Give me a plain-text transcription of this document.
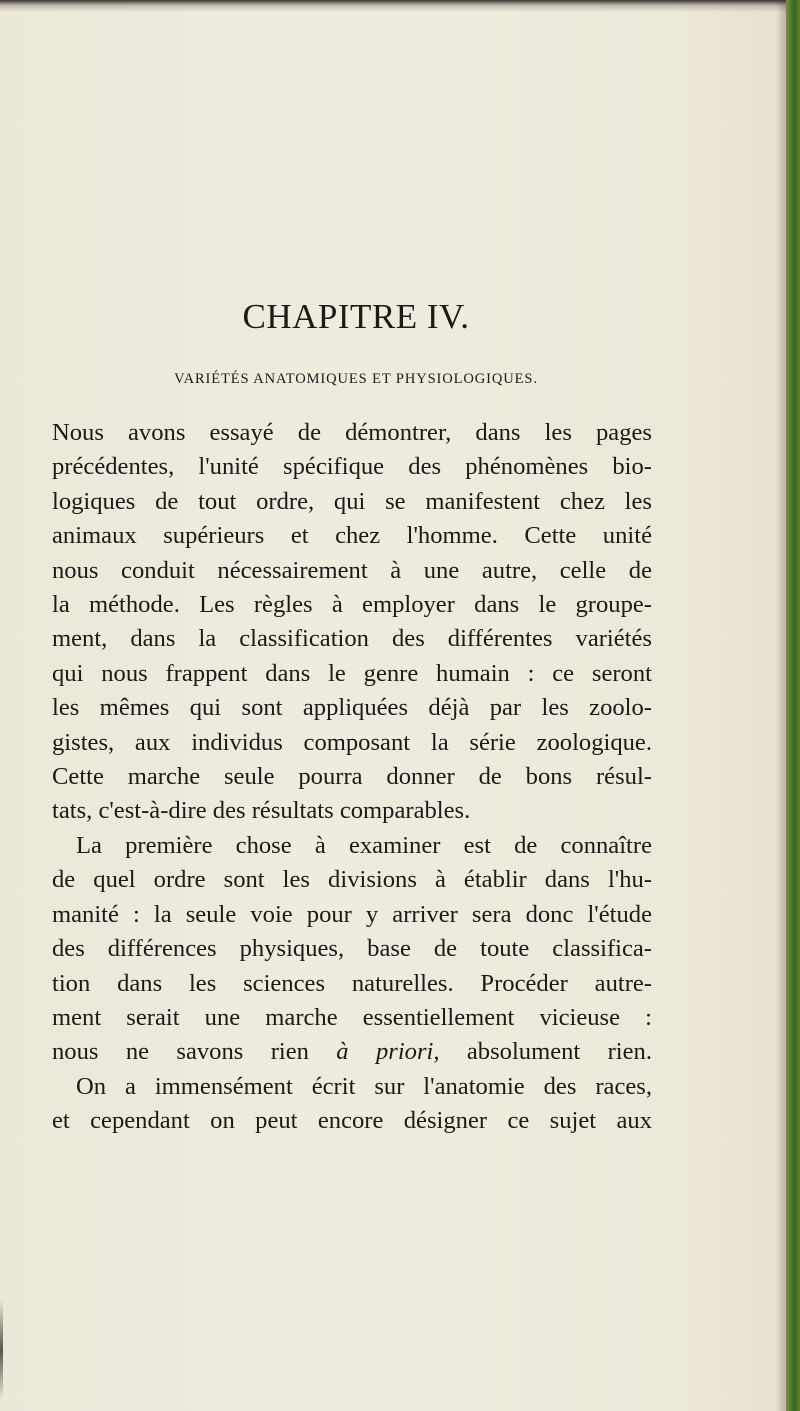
CHAPITRE IV.
VARIÉTÉS ANATOMIQUES ET PHYSIOLOGIQUES.
Nous avons essayé de démontrer, dans les pages
précédentes, l'unité spécifique des phénomènes bio-
logiques de tout ordre, qui se manifestent chez les
animaux supérieurs et chez l'homme. Cette unité
nous conduit nécessairement à une autre, celle de
la méthode. Les règles à employer dans le groupe-
ment, dans la classification des différentes variétés
qui nous frappent dans le genre humain : ce seront
les mêmes qui sont appliquées déjà par les zoolo-
gistes, aux individus composant la série zoologique.
Cette marche seule pourra donner de bons résul-
tats, c'est-à-dire des résultats comparables.
La première chose à examiner est de connaître
de quel ordre sont les divisions à établir dans l'hu-
manité : la seule voie pour y arriver sera donc l'étude
des différences physiques, base de toute classifica-
tion dans les sciences naturelles. Procéder autre-
ment serait une marche essentiellement vicieuse :
nous ne savons rien à priori, absolument rien.
On a immensément écrit sur l'anatomie des races,
et cependant on peut encore désigner ce sujet aux
